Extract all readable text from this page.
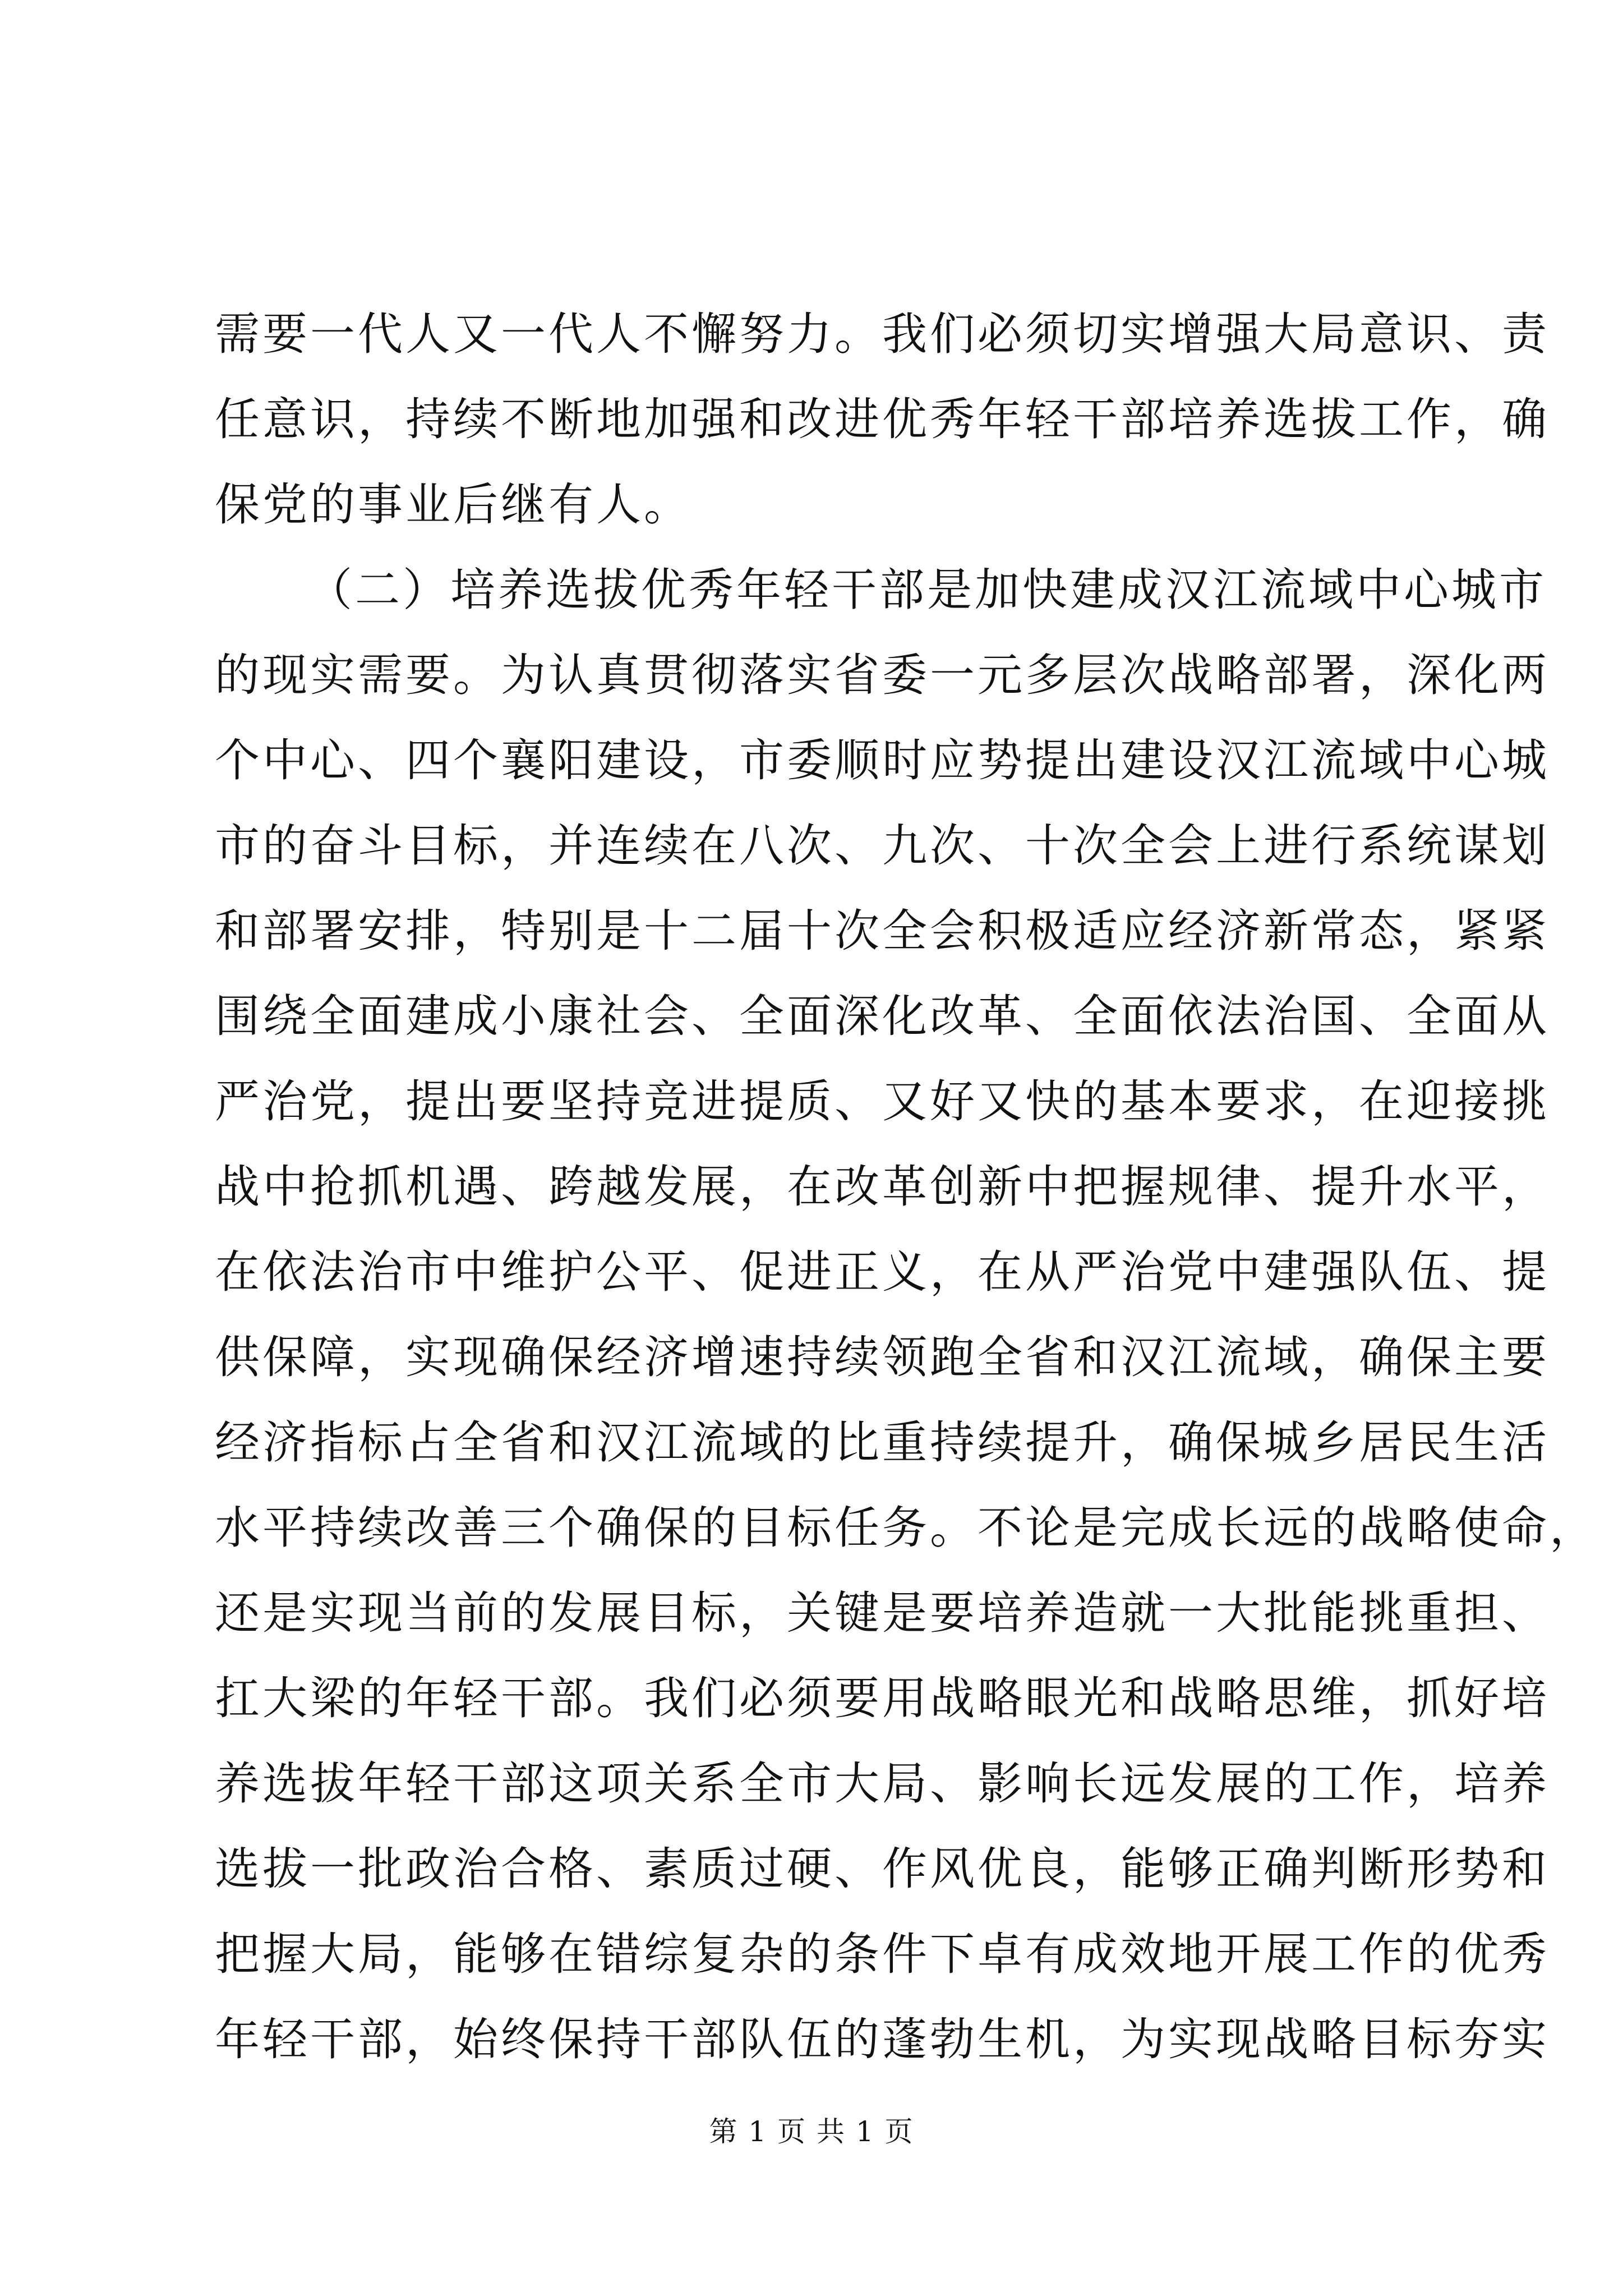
需要一代人又一代人不懈努力。我们必须切实增强大局意识、责
任意识，持续不断地加强和改进优秀年轻干部培养选拔工作，确
保党的事业后继有人。
（二）培养选拔优秀年轻干部是加快建成汉江流域中心城市
的现实需要。为认真贯彻落实省委一元多层次战略部署，深化两
个中心、四个襄阳建设，市委顺时应势提出建设汉江流域中心城
市的奋斗目标，并连续在八次、九次、十次全会上进行系统谋划
和部署安排，特别是十二届十次全会积极适应经济新常态，紧紧
围绕全面建成小康社会、全面深化改革、全面依法治国、全面从
严治党，提出要坚持竞进提质、又好又快的基本要求，在迎接挑
战中抢抓机遇、跨越发展，在改革创新中把握规律、提升水平，
在依法治市中维护公平、促进正义，在从严治党中建强队伍、提
供保障，实现确保经济增速持续领跑全省和汉江流域，确保主要
经济指标占全省和汉江流域的比重持续提升，确保城乡居民生活
水平持续改善三个确保的目标任务。不论是完成长远的战略使命，
还是实现当前的发展目标，关键是要培养造就一大批能挑重担、
扛大梁的年轻干部。我们必须要用战略眼光和战略思维，抓好培
养选拔年轻干部这项关系全市大局、影响长远发展的工作，培养
选拔一批政治合格、素质过硬、作风优良，能够正确判断形势和
把握大局，能够在错综复杂的条件下卓有成效地开展工作的优秀
年轻干部，始终保持干部队伍的蓬勃生机，为实现战略目标夯实
第 1 页 共 1 页
